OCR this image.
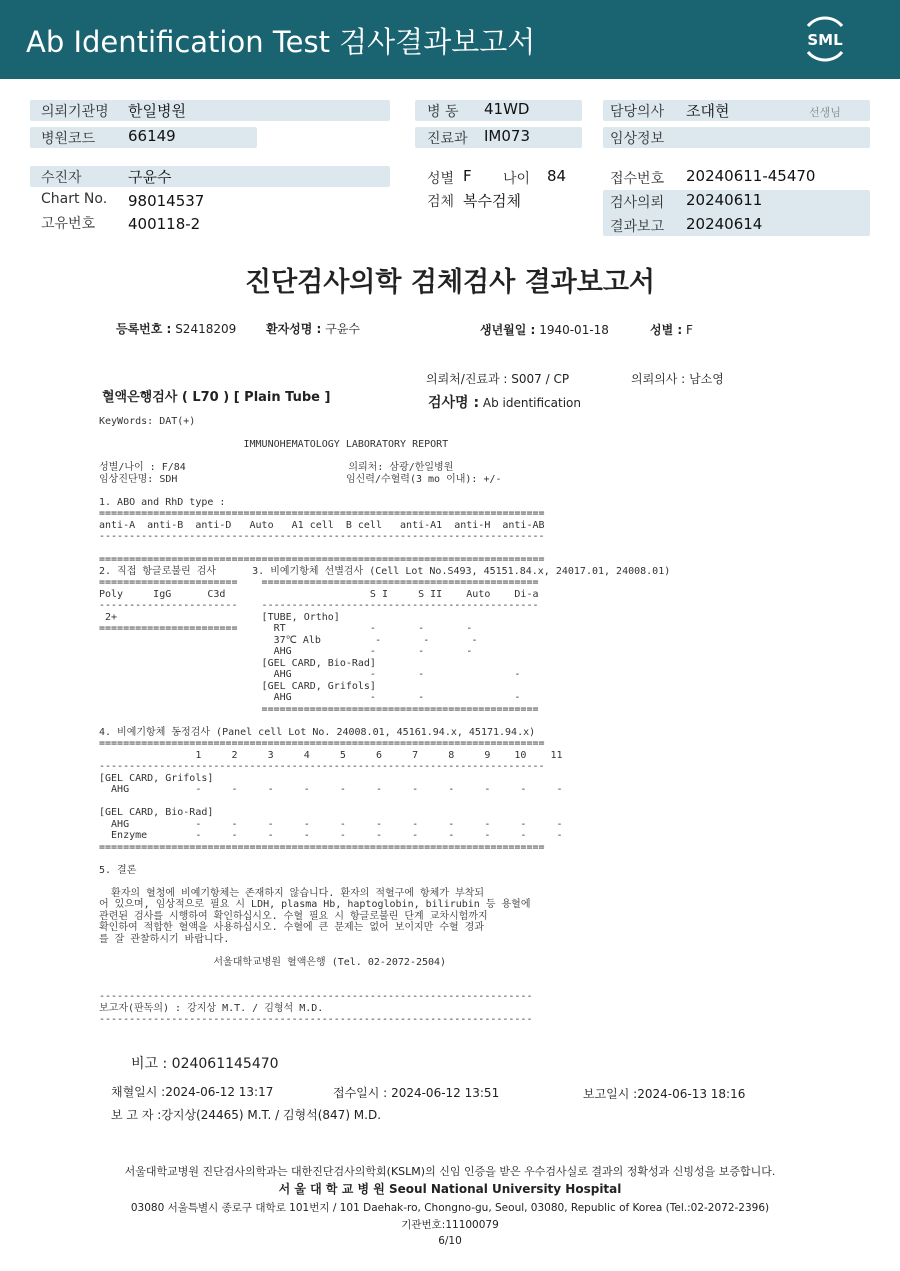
Ab Identification Test 검사결과보고서	SML
의뢰기관명 한일병원
병원코드 66149
병 동 41WD
진료과 IM073
담당의사 조대현	선생님
임상정보
수진자	구윤수
Chart No. 98014537
고유번호 400118-2
성별 F 나이 84
검체 복수검체
접수번호 20240611-45470
검사의뢰 20240611
결과보고 20240614
진단검사의학 검체검사 결과보고서
등록번호 : S2418209 환자성명 : 구윤수	생년월일 : 1940-01-18	성별 : F
의뢰처/진료과 : S007 / CP	의뢰의사 : 남소영
혈액은행검사 ( L70 ) [ Plain Tube ]	검사명 : Ab identification
KeyWords: DAT(+)

IMMUNOHEMATOLOGY LABORATORY REPORT

성별/나이 : F/84                           의뢰처: 삼광/한일병원
임상진단명: SDH                            임신력/수혈력(3 mo 이내): +/-

1. ABO and RhD type :
==========================================================================
anti-A  anti-B  anti-D   Auto   A1 cell  B cell   anti-A1  anti-H  anti-AB
--------------------------------------------------------------------------

==========================================================================
2. 직접 항글로불린 검사      3. 비예기항체 선별검사 (Cell Lot No.S493, 45151.84.x, 24017.01, 24008.01)
=======================    ==============================================
Poly     IgG      C3d                        S I     S II    Auto    Di-a
-----------------------    ----------------------------------------------
2+                        [TUBE, Ortho]
=======================      RT              -       -       -
37℃ Alb         -       -       -
AHG             -       -       -
[GEL CARD, Bio-Rad]
AHG             -       -               -
[GEL CARD, Grifols]
AHG             -       -               -
==============================================

4. 비예기항체 동정검사 (Panel cell Lot No. 24008.01, 45161.94.x, 45171.94.x)
==========================================================================
1     2     3     4     5     6     7     8     9    10    11
--------------------------------------------------------------------------
[GEL CARD, Grifols]
AHG           -     -     -     -     -     -     -     -     -     -     -

[GEL CARD, Bio-Rad]
AHG           -     -     -     -     -     -     -     -     -     -     -
Enzyme        -     -     -     -     -     -     -     -     -     -     -
==========================================================================

5. 결론

환자의 혈청에 비예기항체는 존재하지 않습니다. 환자의 적혈구에 항체가 부착되
어 있으며, 임상적으로 필요 시 LDH, plasma Hb, haptoglobin, bilirubin 등 용혈에
관련된 검사를 시행하여 확인하십시오. 수혈 필요 시 항글로불린 단계 교차시험까지
확인하여 적합한 혈액을 사용하십시오. 수혈에 큰 문제는 없어 보이지만 수혈 경과
를 잘 관찰하시기 바랍니다.

서울대학교병원 혈액은행 (Tel. 02-2072-2504)

------------------------------------------------------------------------
보고자(판독의) : 강지상 M.T. / 김형석 M.D.
------------------------------------------------------------------------
비고 : 024061145470
채혈일시 :2024-06-12 13:17	접수일시 : 2024-06-12 13:51	보고일시 :2024-06-13 18:16
보 고 자 :강지상(24465) M.T. / 김형석(847) M.D.
서울대학교병원 진단검사의학과는 대한진단검사의학회(KSLM)의 신임 인증을 받은 우수검사실로 결과의 정확성과 신빙성을 보증합니다.
서 울 대 학 교 병 원 Seoul National University Hospital
03080 서울특별시 종로구 대학로 101번지 / 101 Daehak-ro, Chongno-gu, Seoul, 03080, Republic of Korea (Tel.:02-2072-2396)
기관번호:11100079
6/10
